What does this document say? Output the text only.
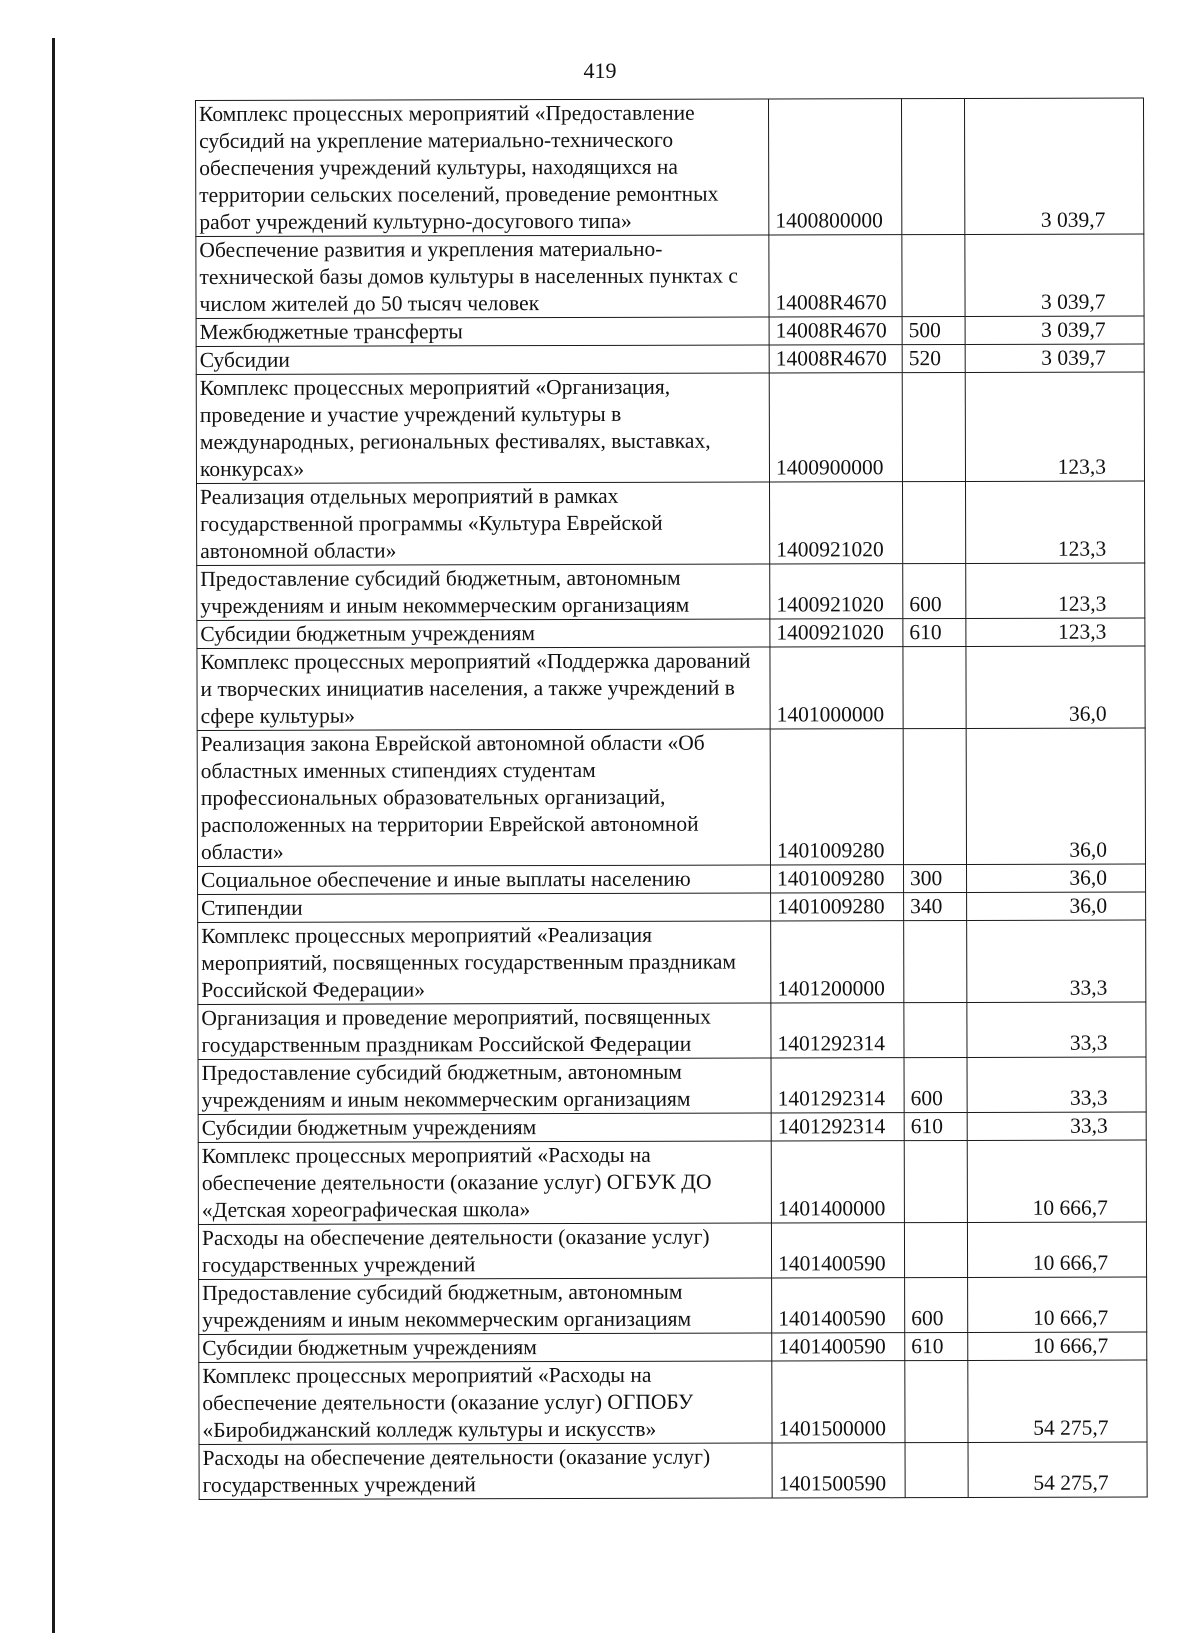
419
Комплекс процессных мероприятий «Предоставление субсидий на укрепление материально-технического обеспечения учреждений культуры, находящихся на территории сельских поселений, проведение ремонтных работ учреждений культурно-досугового типа»	1400800000		3 039,7
Обеспечение развития и укрепления материально-технической базы домов культуры в населенных пунктах с числом жителей до 50 тысяч человек	14008R4670		3 039,7
Межбюджетные трансферты	14008R4670	500	3 039,7
Субсидии	14008R4670	520	3 039,7
Комплекс процессных мероприятий «Организация, проведение и участие учреждений культуры в международных, региональных фестивалях, выставках, конкурсах»	1400900000		123,3
Реализация отдельных мероприятий в рамках государственной программы «Культура Еврейской автономной области»	1400921020		123,3
Предоставление субсидий бюджетным, автономным учреждениям и иным некоммерческим организациям	1400921020	600	123,3
Субсидии бюджетным учреждениям	1400921020	610	123,3
Комплекс процессных мероприятий «Поддержка дарований и творческих инициатив населения, а также учреждений в сфере культуры»	1401000000		36,0
Реализация закона Еврейской автономной области «Об областных именных стипендиях студентам профессиональных образовательных организаций, расположенных на территории Еврейской автономной области»	1401009280		36,0
Социальное обеспечение и иные выплаты населению	1401009280	300	36,0
Стипендии	1401009280	340	36,0
Комплекс процессных мероприятий «Реализация мероприятий, посвященных государственным праздникам Российской Федерации»	1401200000		33,3
Организация и проведение мероприятий, посвященных государственным праздникам Российской Федерации	1401292314		33,3
Предоставление субсидий бюджетным, автономным учреждениям и иным некоммерческим организациям	1401292314	600	33,3
Субсидии бюджетным учреждениям	1401292314	610	33,3
Комплекс процессных мероприятий «Расходы на обеспечение деятельности (оказание услуг) ОГБУК ДО «Детская хореографическая школа»	1401400000		10 666,7
Расходы на обеспечение деятельности (оказание услуг) государственных учреждений	1401400590		10 666,7
Предоставление субсидий бюджетным, автономным учреждениям и иным некоммерческим организациям	1401400590	600	10 666,7
Субсидии бюджетным учреждениям	1401400590	610	10 666,7
Комплекс процессных мероприятий «Расходы на обеспечение деятельности (оказание услуг) ОГПОБУ «Биробиджанский колледж культуры и искусств»	1401500000		54 275,7
Расходы на обеспечение деятельности (оказание услуг) государственных учреждений	1401500590		54 275,7
